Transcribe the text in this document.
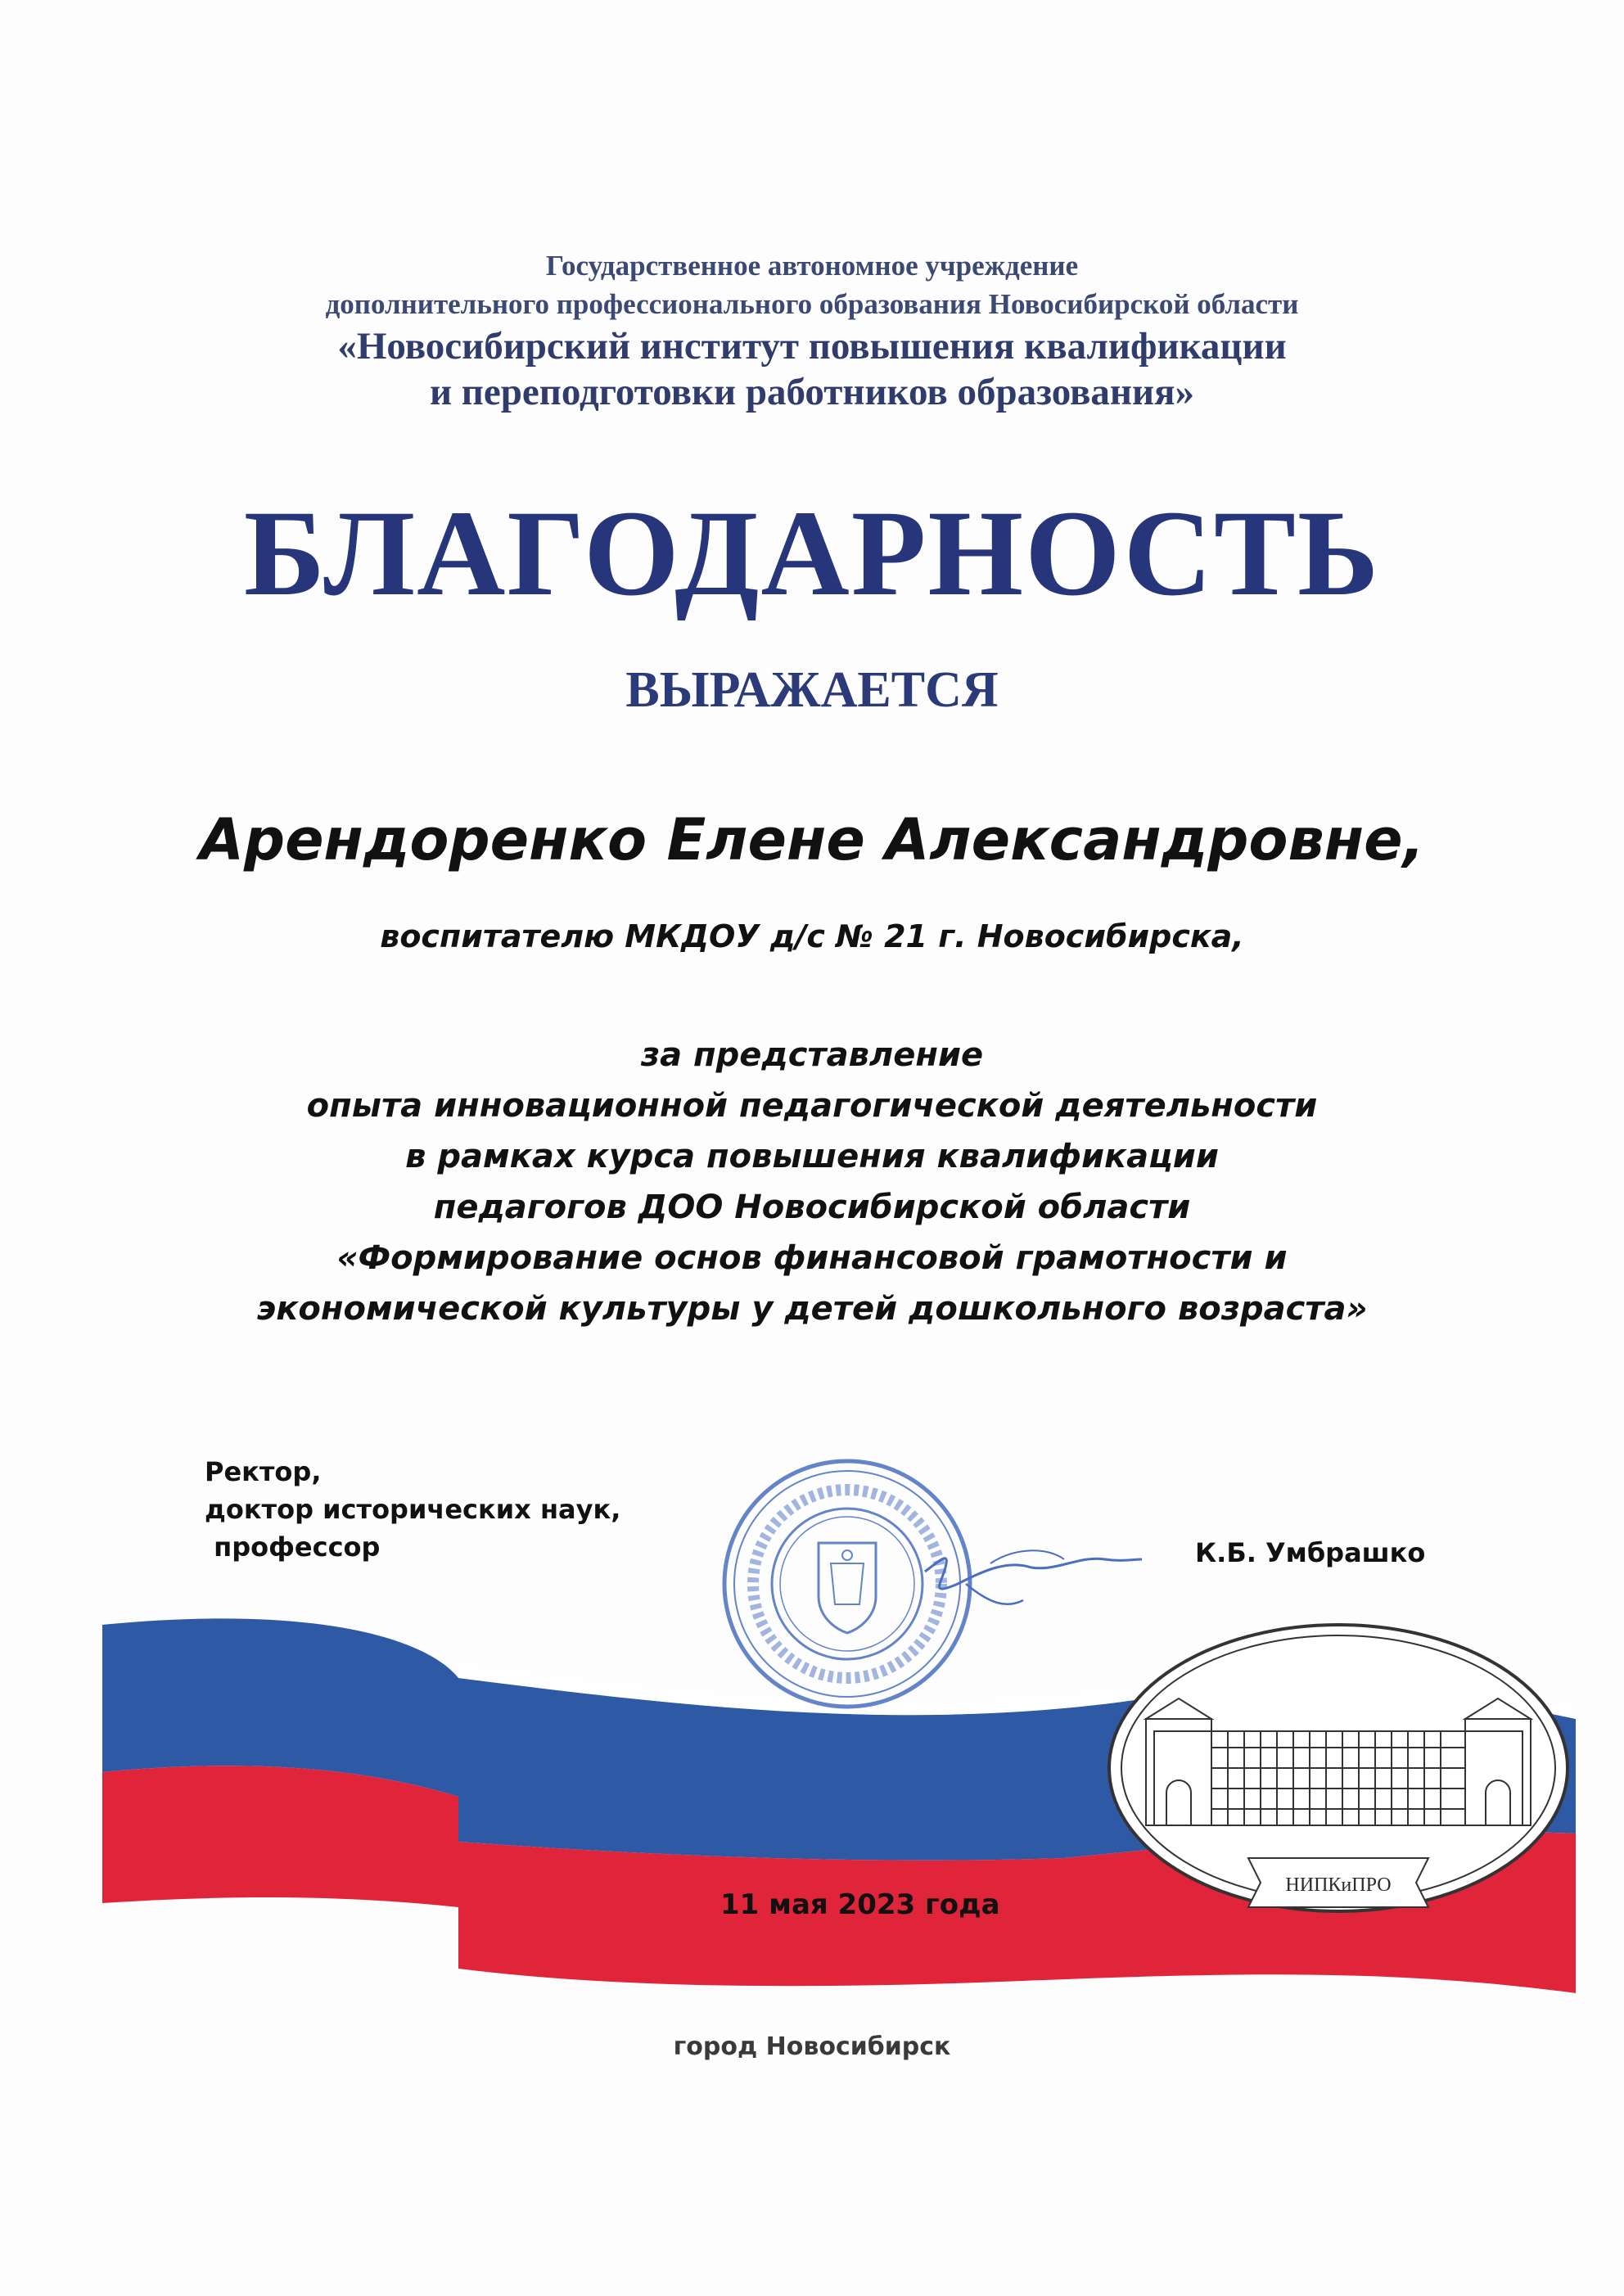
НИПКиПРО
Государственное автономное учреждение
дополнительного профессионального образования Новосибирской области
«Новосибирский институт повышения квалификации
и переподготовки работников образования»
БЛАГОДАРНОСТЬ
ВЫРАЖАЕТСЯ
Арендоренко Елене Александровне,
воспитателю МКДОУ д/с № 21 г. Новосибирска,
за представление
опыта инновационной педагогической деятельности
в рамках курса повышения квалификации
педагогов ДОО Новосибирской области
«Формирование основ финансовой грамотности и
экономической культуры у детей дошкольного возраста»
Ректор,
доктор исторических наук,
профессор	К.Б. Умбрашко
11 мая 2023 года
город Новосибирск
